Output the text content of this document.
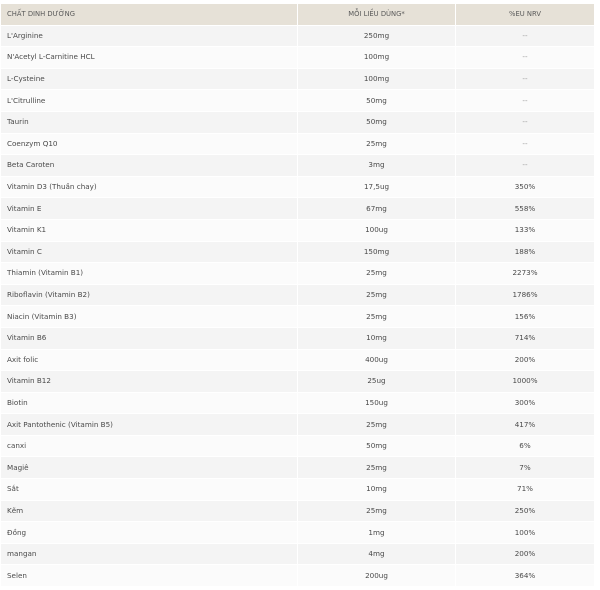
CHẤT DINH DƯỠNG	MỖI LIỀU DÙNG*	%EU NRV
L'Arginine	250mg	--
N'Acetyl L-Carnitine HCL	100mg	--
L-Cysteine	100mg	--
L'Citrulline	50mg	--
Taurin	50mg	--
Coenzym Q10	25mg	--
Beta Caroten	3mg	--
Vitamin D3 (Thuần chay)	17,5ug	350%
Vitamin E	67mg	558%
Vitamin K1	100ug	133%
Vitamin C	150mg	188%
Thiamin (Vitamin B1)	25mg	2273%
Riboflavin (Vitamin B2)	25mg	1786%
Niacin (Vitamin B3)	25mg	156%
Vitamin B6	10mg	714%
Axit folic	400ug	200%
Vitamin B12	25ug	1000%
Biotin	150ug	300%
Axit Pantothenic (Vitamin B5)	25mg	417%
canxi	50mg	6%
Magiê	25mg	7%
Sắt	10mg	71%
Kẽm	25mg	250%
Đồng	1mg	100%
mangan	4mg	200%
Selen	200ug	364%
